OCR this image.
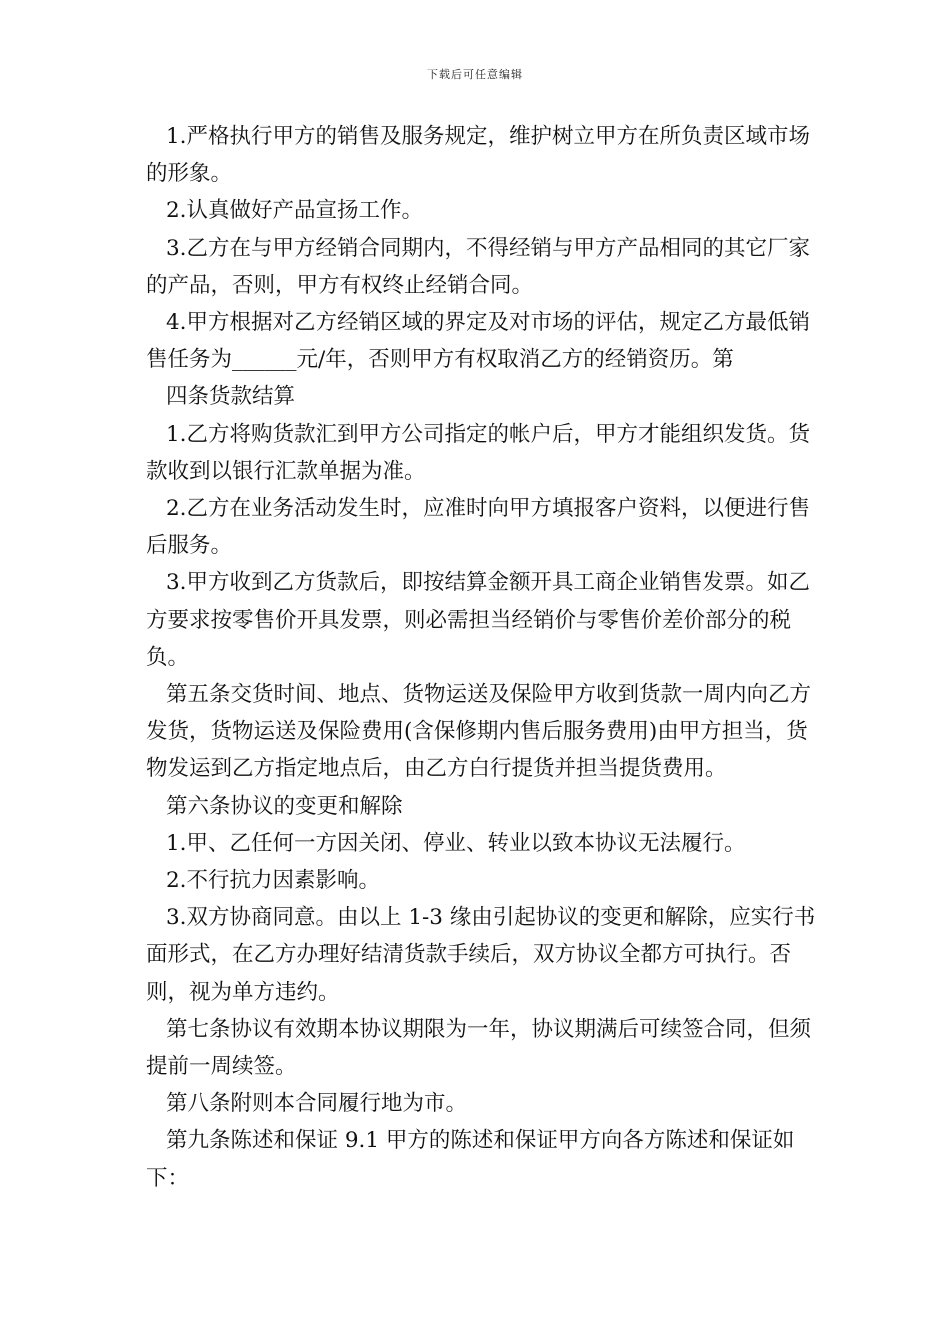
下载后可任意编辑

1.严格执行甲方的销售及服务规定，维护树立甲方在所负责区域市场的形象。

2.认真做好产品宣扬工作。

3.乙方在与甲方经销合同期内，不得经销与甲方产品相同的其它厂家的产品，否则，甲方有权终止经销合同。

4.甲方根据对乙方经销区域的界定及对市场的评估，规定乙方最低销售任务为______元/年，否则甲方有权取消乙方的经销资历。第

四条货款结算

1.乙方将购货款汇到甲方公司指定的帐户后，甲方才能组织发货。货款收到以银行汇款单据为准。

2.乙方在业务活动发生时，应准时向甲方填报客户资料，以便进行售后服务。

3.甲方收到乙方货款后，即按结算金额开具工商企业销售发票。如乙方要求按零售价开具发票，则必需担当经销价与零售价差价部分的税负。

第五条交货时间、地点、货物运送及保险甲方收到货款一周内向乙方发货，货物运送及保险费用(含保修期内售后服务费用)由甲方担当，货物发运到乙方指定地点后，由乙方白行提货并担当提货费用。

第六条协议的变更和解除

1.甲、乙任何一方因关闭、停业、转业以致本协议无法履行。

2.不行抗力因素影响。

3.双方协商同意。由以上 1-3 缘由引起协议的变更和解除，应实行书面形式，在乙方办理好结清货款手续后，双方协议全都方可执行。否则，视为单方违约。

第七条协议有效期本协议期限为一年，协议期满后可续签合同，但须提前一周续签。

第八条附则本合同履行地为市。

第九条陈述和保证 9.1 甲方的陈述和保证甲方向各方陈述和保证如下：
